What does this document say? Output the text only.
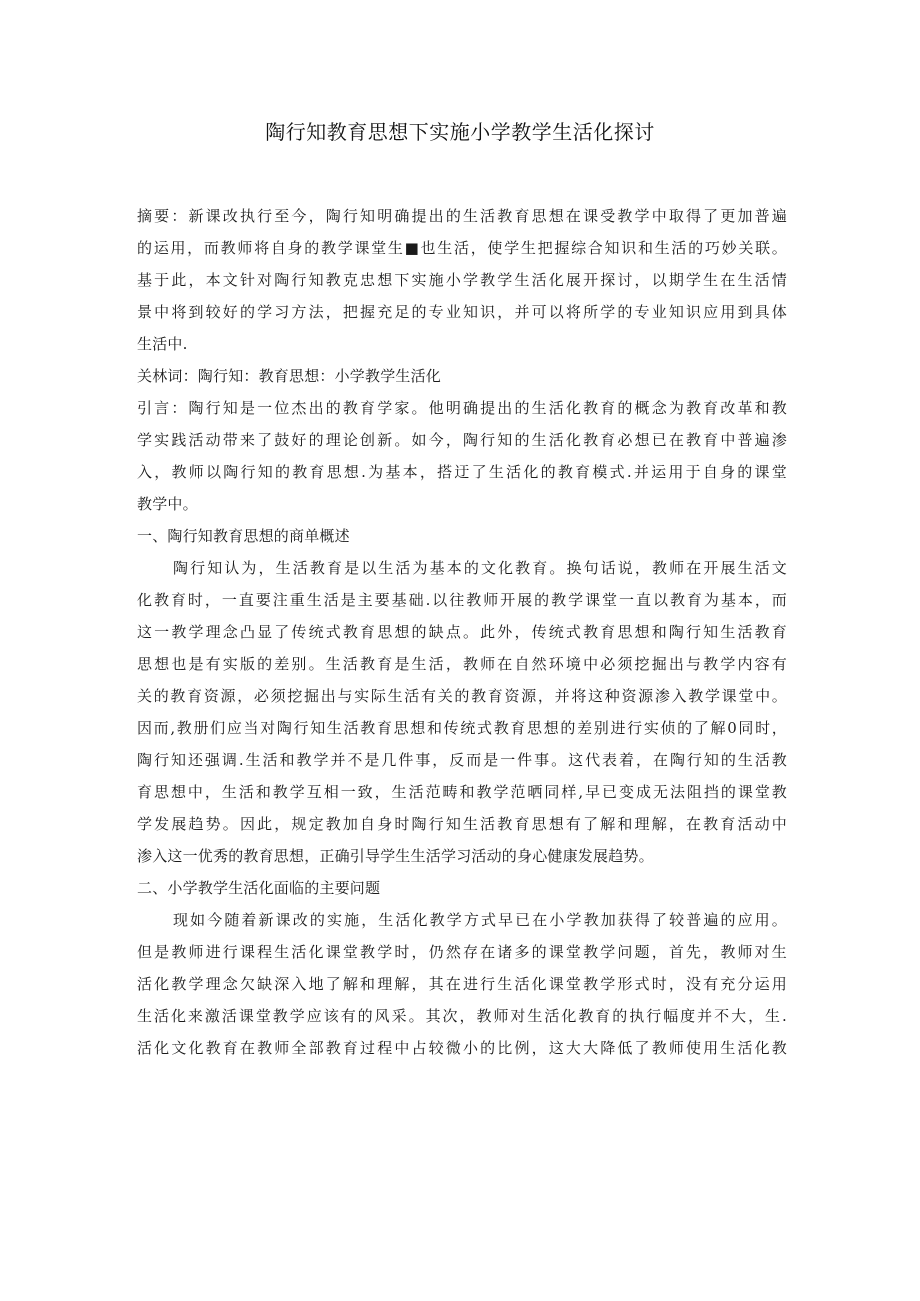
陶行知教育思想下实施小学教学生活化探讨
摘要：新课改执行至今，陶行知明确提出的生活教育思想在课受教学中取得了更加普遍
的运用，而教师将自身的教学课堂生■也生活，使学生把握综合知识和生活的巧妙关联。
基于此，本文针对陶行知教克忠想下实施小学教学生活化展开探讨，以期学生在生活情
景中将到较好的学习方法，把握充足的专业知识，并可以将所学的专业知识应用到具体
生活中.
关林词：陶行知：教育思想：小学教学生活化
引言：陶行知是一位杰出的教育学家。他明确提出的生活化教育的概念为教育改革和教
学实践活动带来了鼓好的理论创新。如今，陶行知的生活化教育必想已在教育中普遍渗
入，教师以陶行知的教育思想.为基本，搭迂了生活化的教育模式.并运用于自身的课堂
教学中。
一、陶行知教育思想的商单概述
陶行知认为，生活教育是以生活为基本的文化教育。换句话说，教师在开展生活文
化教育时，一直要注重生活是主要基础.以往教师开展的教学课堂一直以教育为基本，而
这一教学理念凸显了传统式教育思想的缺点。此外，传统式教育思想和陶行知生活教育
思想也是有实版的差别。生活教育是生活，教师在自然环境中必须挖掘出与教学内容有
关的教育资源，必须挖掘出与实际生活有关的教育资源，并将这种资源渗入教学课堂中。
因而,教册们应当对陶行知生活教育思想和传统式教育思想的差别进行实侦的了解0同时，
陶行知还强调.生活和教学并不是几件事，反而是一件事。这代表着，在陶行知的生活教
育思想中，生活和教学互相一致，生活范畴和教学范晒同样,早已变成无法阻挡的课堂教
学发展趋势。因此，规定教加自身时陶行知生活教育思想有了解和理解，在教育活动中
渗入这一优秀的教育思想，正确引导学生生活学习活动的身心健康发展趋势。
二、小学教学生活化面临的主要问题
现如今随着新课改的实施，生活化教学方式早已在小学教加获得了较普遍的应用。
但是教师进行课程生活化课堂教学时，仍然存在诸多的课堂教学问题，首先，教师对生
活化教学理念欠缺深入地了解和理解，其在进行生活化课堂教学形式时，没有充分运用
生活化来激活课堂教学应该有的风采。其次，教师对生活化教育的执行幅度并不大，生.
活化文化教育在教师全部教育过程中占较微小的比例，这大大降低了教师使用生活化教
